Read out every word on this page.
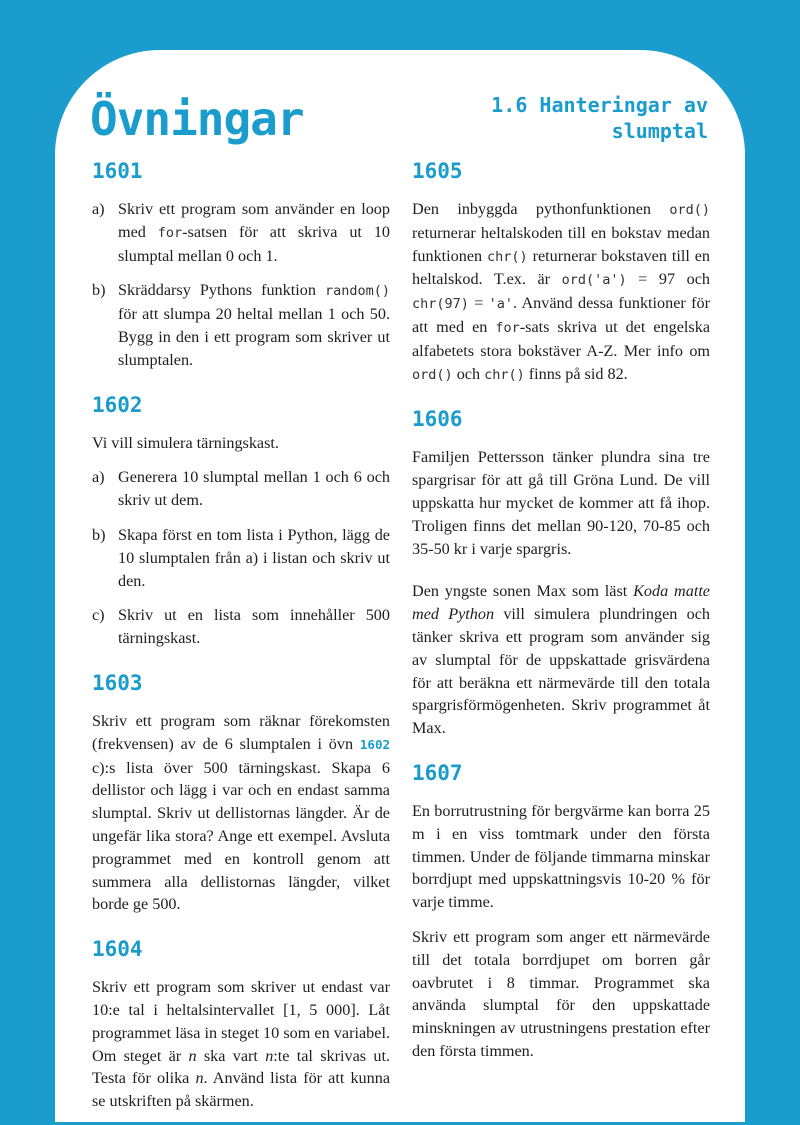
Övningar	1.6 Hanteringar av slumptal
1601
a) Skriv ett program som använder en loop med for-satsen för att skriva ut 10 slumptal mellan 0 och 1.
b) Skräddarsy Pythons funktion random() för att slumpa 20 heltal mellan 1 och 50. Bygg in den i ett program som skriver ut slumptalen.
1602

Vi vill simulera tärningskast.

a) Generera 10 slumptal mellan 1 och 6 och skriv ut dem.
b) Skapa först en tom lista i Python, lägg de 10 slumptalen från a) i listan och skriv ut den.
c) Skriv ut en lista som innehåller 500 tärningskast.
1603

Skriv ett program som räknar förekomsten (frekvensen) av de 6 slumptalen i övn 1602 c):s lista över 500 tärningskast. Skapa 6 dellistor och lägg i var och en endast samma slumptal. Skriv ut dellistornas längder. Är de ungefär lika stora? Ange ett exempel. Avsluta programmet med en kontroll genom att summera alla dellistornas längder, vilket borde ge 500.

1604

Skriv ett program som skriver ut endast var 10:e tal i heltalsintervallet [1, 5 000]. Låt programmet läsa in steget 10 som en variabel. Om steget är n ska vart n:te tal skrivas ut. Testa för olika n. Använd lista för att kunna se utskriften på skärmen.

1605

Den inbyggda pythonfunktionen ord() returnerar heltalskoden till en bokstav medan funktionen chr() returnerar bokstaven till en heltalskod. T.ex. är ord('a') = 97 och chr(97) = 'a'. Använd dessa funktioner för att med en for-sats skriva ut det engelska alfabetets stora bokstäver A-Z. Mer info om ord() och chr() finns på sid 82.

1606

Familjen Pettersson tänker plundra sina tre spargrisar för att gå till Gröna Lund. De vill uppskatta hur mycket de kommer att få ihop. Troligen finns det mellan 90-120, 70-85 och 35-50 kr i varje spargris.

Den yngste sonen Max som läst Koda matte med Python vill simulera plundringen och tänker skriva ett program som använder sig av slumptal för de uppskattade grisvärdena för att beräkna ett närmevärde till den totala spargrisförmögenheten. Skriv programmet åt Max.

1607

En borrutrustning för bergvärme kan borra 25 m i en viss tomtmark under den första timmen. Under de följande timmarna minskar borrdjupt med uppskattningsvis 10-20 % för varje timme.

Skriv ett program som anger ett närmevärde till det totala borrdjupet om borren går oavbrutet i 8 timmar. Programmet ska använda slumptal för den uppskattade minskningen av utrustningens prestation efter den första timmen.
